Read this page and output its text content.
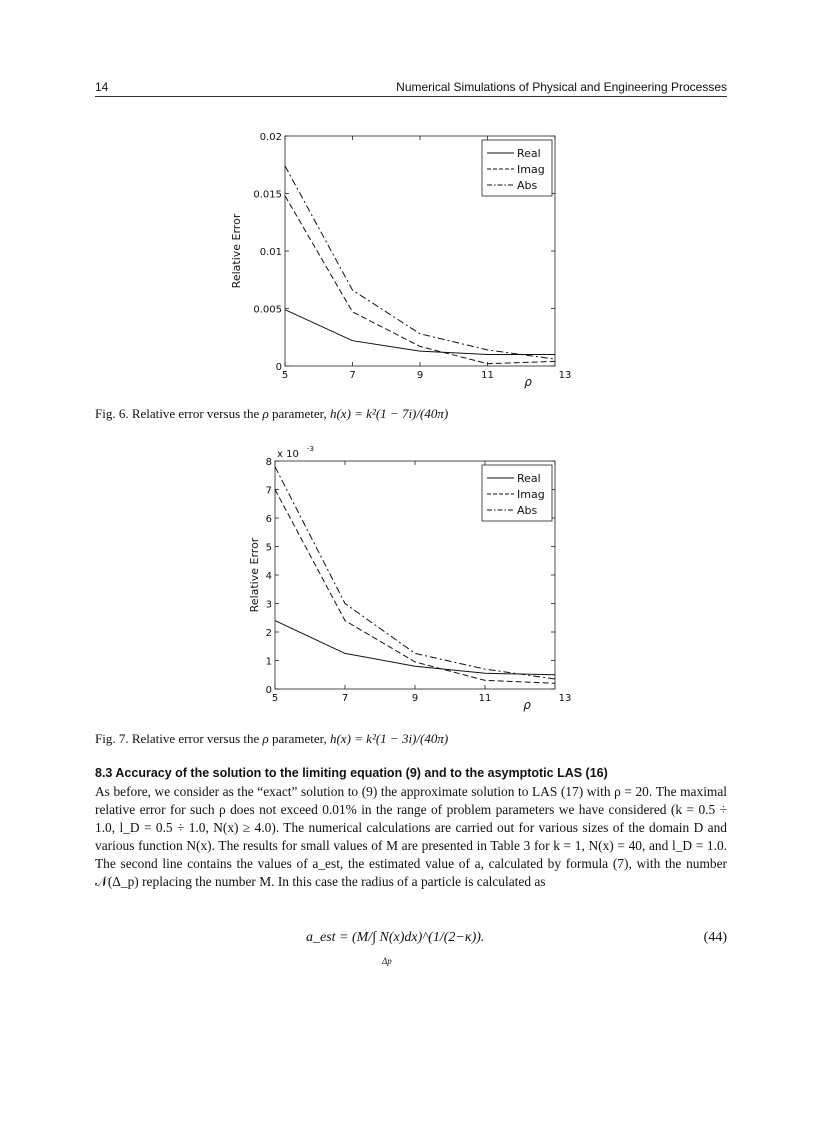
14	Numerical Simulations of Physical and Engineering Processes
0
0.005
0.01
0.015
0.02
5	7	9	11	13
ρ
Relative Error
Real
Imag
Abs
Fig. 6. Relative error versus the ρ parameter, h(x) = k²(1 − 7i)/(40π)
0
1
2
3
4
5
6
7
8
5	7	9	11	13
ρ
Relative Error
x 10 -3
Real
Imag
Abs
Fig. 7. Relative error versus the ρ parameter, h(x) = k²(1 − 3i)/(40π)
8.3 Accuracy of the solution to the limiting equation (9) and to the asymptotic LAS (16)
As before, we consider as the “exact” solution to (9) the approximate solution to LAS (17) with ρ = 20. The maximal relative error for such ρ does not exceed 0.01% in the range of problem parameters we have considered (k = 0.5 ÷ 1.0, l_D = 0.5 ÷ 1.0, N(x) ≥ 4.0). The numerical calculations are carried out for various sizes of the domain D and various function N(x). The results for small values of M are presented in Table 3 for k = 1, N(x) = 40, and l_D = 1.0. The second line contains the values of a_est, the estimated value of a, calculated by formula (7), with the number 𝒩(Δ_p) replacing the number M. In this case the radius of a particle is calculated as
a_est = (M/∫ N(x)dx)^(1/(2−κ)).
Δp
(44)
